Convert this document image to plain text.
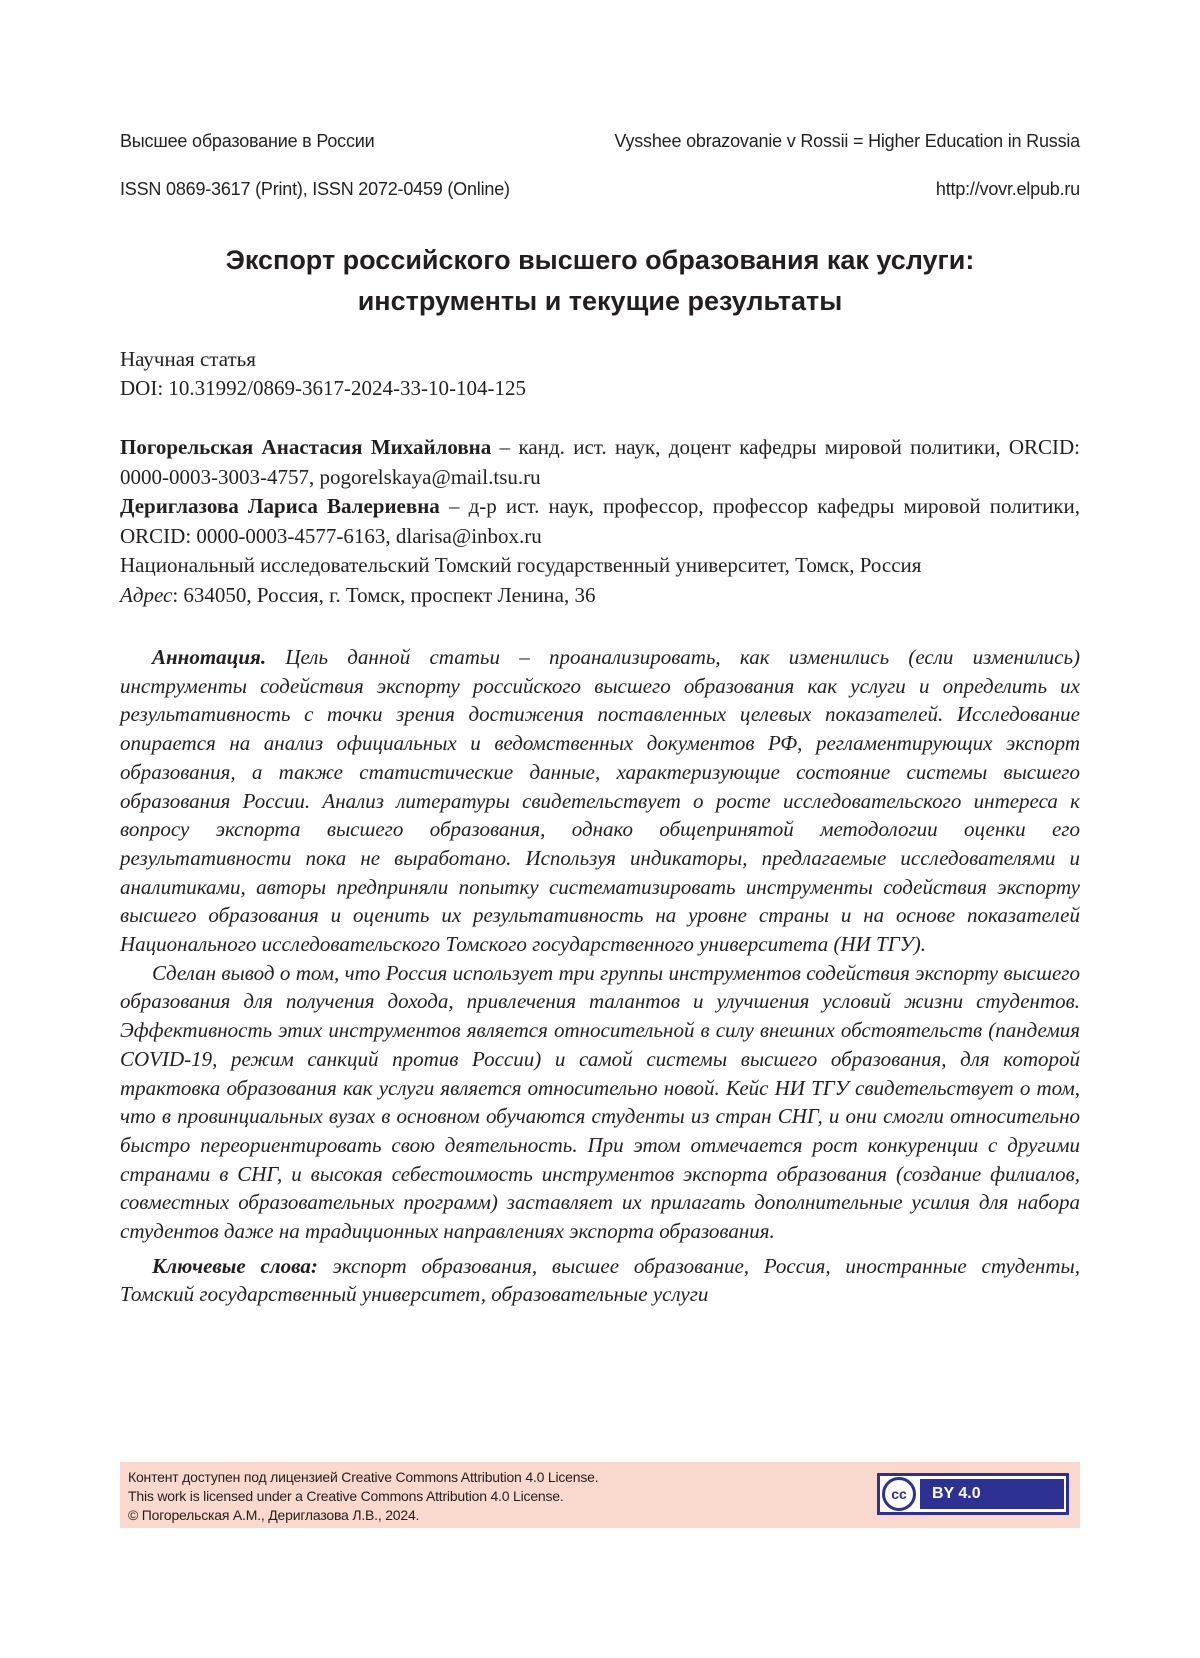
Высшее образование в России	Vysshee obrazovanie v Rossii = Higher Education in Russia
ISSN 0869-3617 (Print), ISSN 2072-0459 (Online)	http://vovr.elpub.ru
Экспорт российского высшего образования как услуги:
инструменты и текущие результаты
Научная статья
DOI: 10.31992/0869-3617-2024-33-10-104-125

Погорельская Анастасия Михайловна – канд. ист. наук, доцент кафедры мировой политики, ORCID: 0000-0003-3003-4757, pogorelskaya@mail.tsu.ru

Дериглазова Лариса Валериевна – д-р ист. наук, профессор, профессор кафедры мировой политики, ORCID: 0000-0003-4577-6163, dlarisa@inbox.ru

Национальный исследовательский Томский государственный университет, Томск, Россия

Адрес: 634050, Россия, г. Томск, проспект Ленина, 36

Аннотация. Цель данной статьи – проанализировать, как изменились (если изменились) инструменты содействия экспорту российского высшего образования как услуги и определить их результативность с точки зрения достижения поставленных целевых показателей. Исследование опирается на анализ официальных и ведомственных документов РФ, регламентирующих экспорт образования, а также статистические данные, характеризующие состояние системы высшего образования России. Анализ литературы свидетельствует о росте исследовательского интереса к вопросу экспорта высшего образования, однако общепринятой методологии оценки его результативности пока не выработано. Используя индикаторы, предлагаемые исследователями и аналитиками, авторы предприняли попытку систематизировать инструменты содействия экспорту высшего образования и оценить их результативность на уровне страны и на основе показателей Национального исследовательского Томского государственного университета (НИ ТГУ).

Сделан вывод о том, что Россия использует три группы инструментов содействия экспорту высшего образования для получения дохода, привлечения талантов и улучшения условий жизни студентов. Эффективность этих инструментов является относительной в силу внешних обстоятельств (пандемия COVID-19, режим санкций против России) и самой системы высшего образования, для которой трактовка образования как услуги является относительно новой. Кейс НИ ТГУ свидетельствует о том, что в провинциальных вузах в основном обучаются студенты из стран СНГ, и они смогли относительно быстро переориентировать свою деятельность. При этом отмечается рост конкуренции с другими странами в СНГ, и высокая себестоимость инструментов экспорта образования (создание филиалов, совместных образовательных программ) заставляет их прилагать дополнительные усилия для набора студентов даже на традиционных направлениях экспорта образования.

Ключевые слова: экспорт образования, высшее образование, Россия, иностранные студенты, Томский государственный университет, образовательные услуги

Контент доступен под лицензией Creative Commons Attribution 4.0 License.
This work is licensed under a Creative Commons Attribution 4.0 License.
© Погорельская А.М., Дериглазова Л.В., 2024.
cc	BY 4.0
